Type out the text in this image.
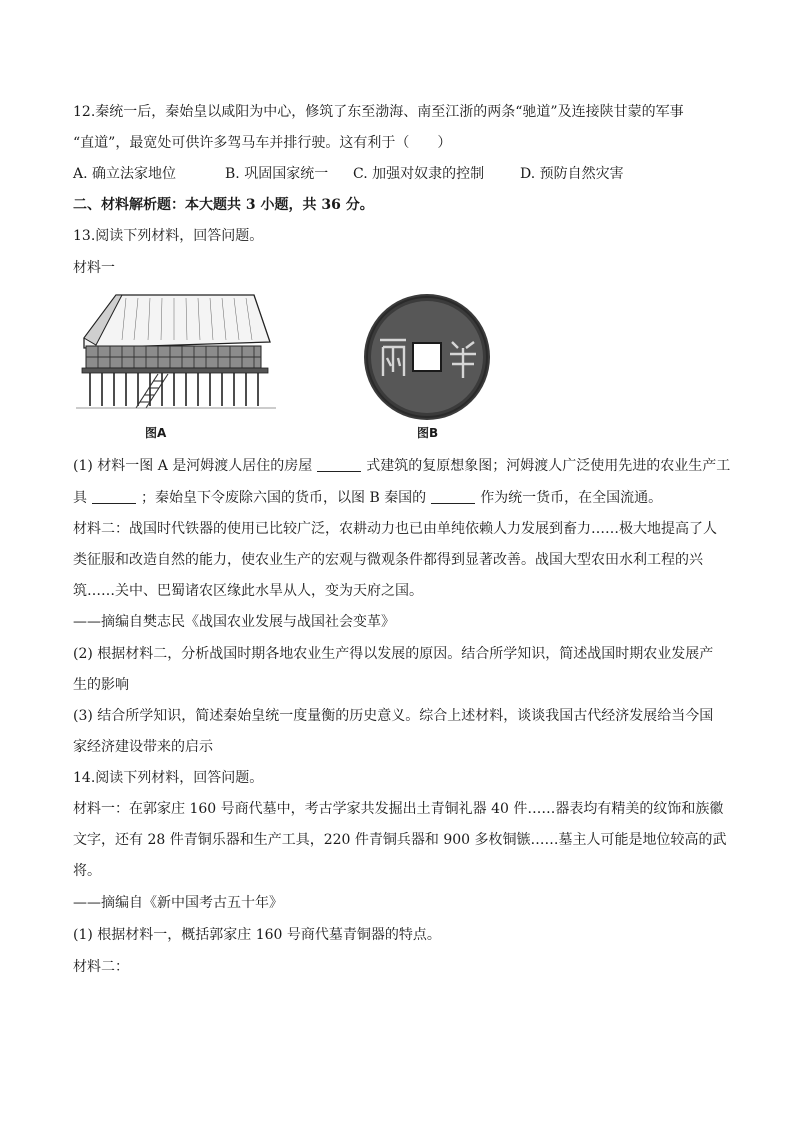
12.秦统一后，秦始皇以咸阳为中心，修筑了东至渤海、南至江浙的两条“驰道”及连接陕甘蒙的军事
“直道”，最宽处可供许多驾马车并排行驶。这有利于（　　）
A. 确立法家地位	B. 巩固国家统一 C. 加强对奴隶的控制	D. 预防自然灾害
二、材料解析题：本大题共 3 小题，共 36 分。
13.阅读下列材料，回答问题。
材料一
图A	图B
(1) 材料一图 A 是河姆渡人居住的房屋	式建筑的复原想象图；河姆渡人广泛使用先进的农业生产工
具	；秦始皇下令废除六国的货币，以图 B 秦国的	作为统一货币，在全国流通。
材料二：战国时代铁器的使用已比较广泛，农耕动力也已由单纯依赖人力发展到畜力……极大地提高了人
类征服和改造自然的能力，使农业生产的宏观与微观条件都得到显著改善。战国大型农田水利工程的兴
筑……关中、巴蜀诸农区缘此水旱从人，变为天府之国。
——摘编自樊志民《战国农业发展与战国社会变革》
(2) 根据材料二，分析战国时期各地农业生产得以发展的原因。结合所学知识，简述战国时期农业发展产
生的影响
(3) 结合所学知识，简述秦始皇统一度量衡的历史意义。综合上述材料，谈谈我国古代经济发展给当今国
家经济建设带来的启示
14.阅读下列材料，回答问题。
材料一：在郭家庄 160 号商代墓中，考古学家共发掘出土青铜礼器 40 件……器表均有精美的纹饰和族徽
文字，还有 28 件青铜乐器和生产工具，220 件青铜兵器和 900 多枚铜镞……墓主人可能是地位较高的武
将。
——摘编自《新中国考古五十年》
(1) 根据材料一，概括郭家庄 160 号商代墓青铜器的特点。
材料二：
